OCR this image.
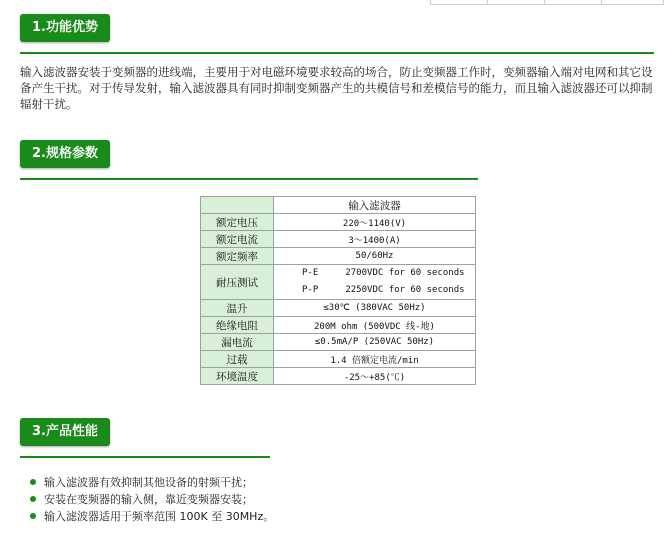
1.功能优势
输入滤波器安装于变频器的进线端，主要用于对电磁环境要求较高的场合，防止变频器工作时，变频器输入端对电网和其它设备产生干扰。对于传导发射，输入滤波器具有同时抑制变频器产生的共模信号和差模信号的能力，而且输入滤波器还可以抑制辐射干扰。
2.规格参数
	输入滤波器
额定电压	220～1140(V)
额定电流	3～1400(A)
额定频率	50/60Hz
耐压测试	P-E     2700VDC for 60 seconds
P-P     2250VDC for 60 seconds

温升	≤30℃ (380VAC 50Hz)
绝缘电阻	200M ohm (500VDC 线-地)
漏电流	≤0.5mA/P (250VAC 50Hz)
过载	1.4 倍额定电流/min
环境温度	-25～+85(℃)
3.产品性能
输入滤波器有效抑制其他设备的射频干扰；
安装在变频器的输入侧，靠近变频器安装；
输入滤波器适用于频率范围 100K 至 30MHz。
